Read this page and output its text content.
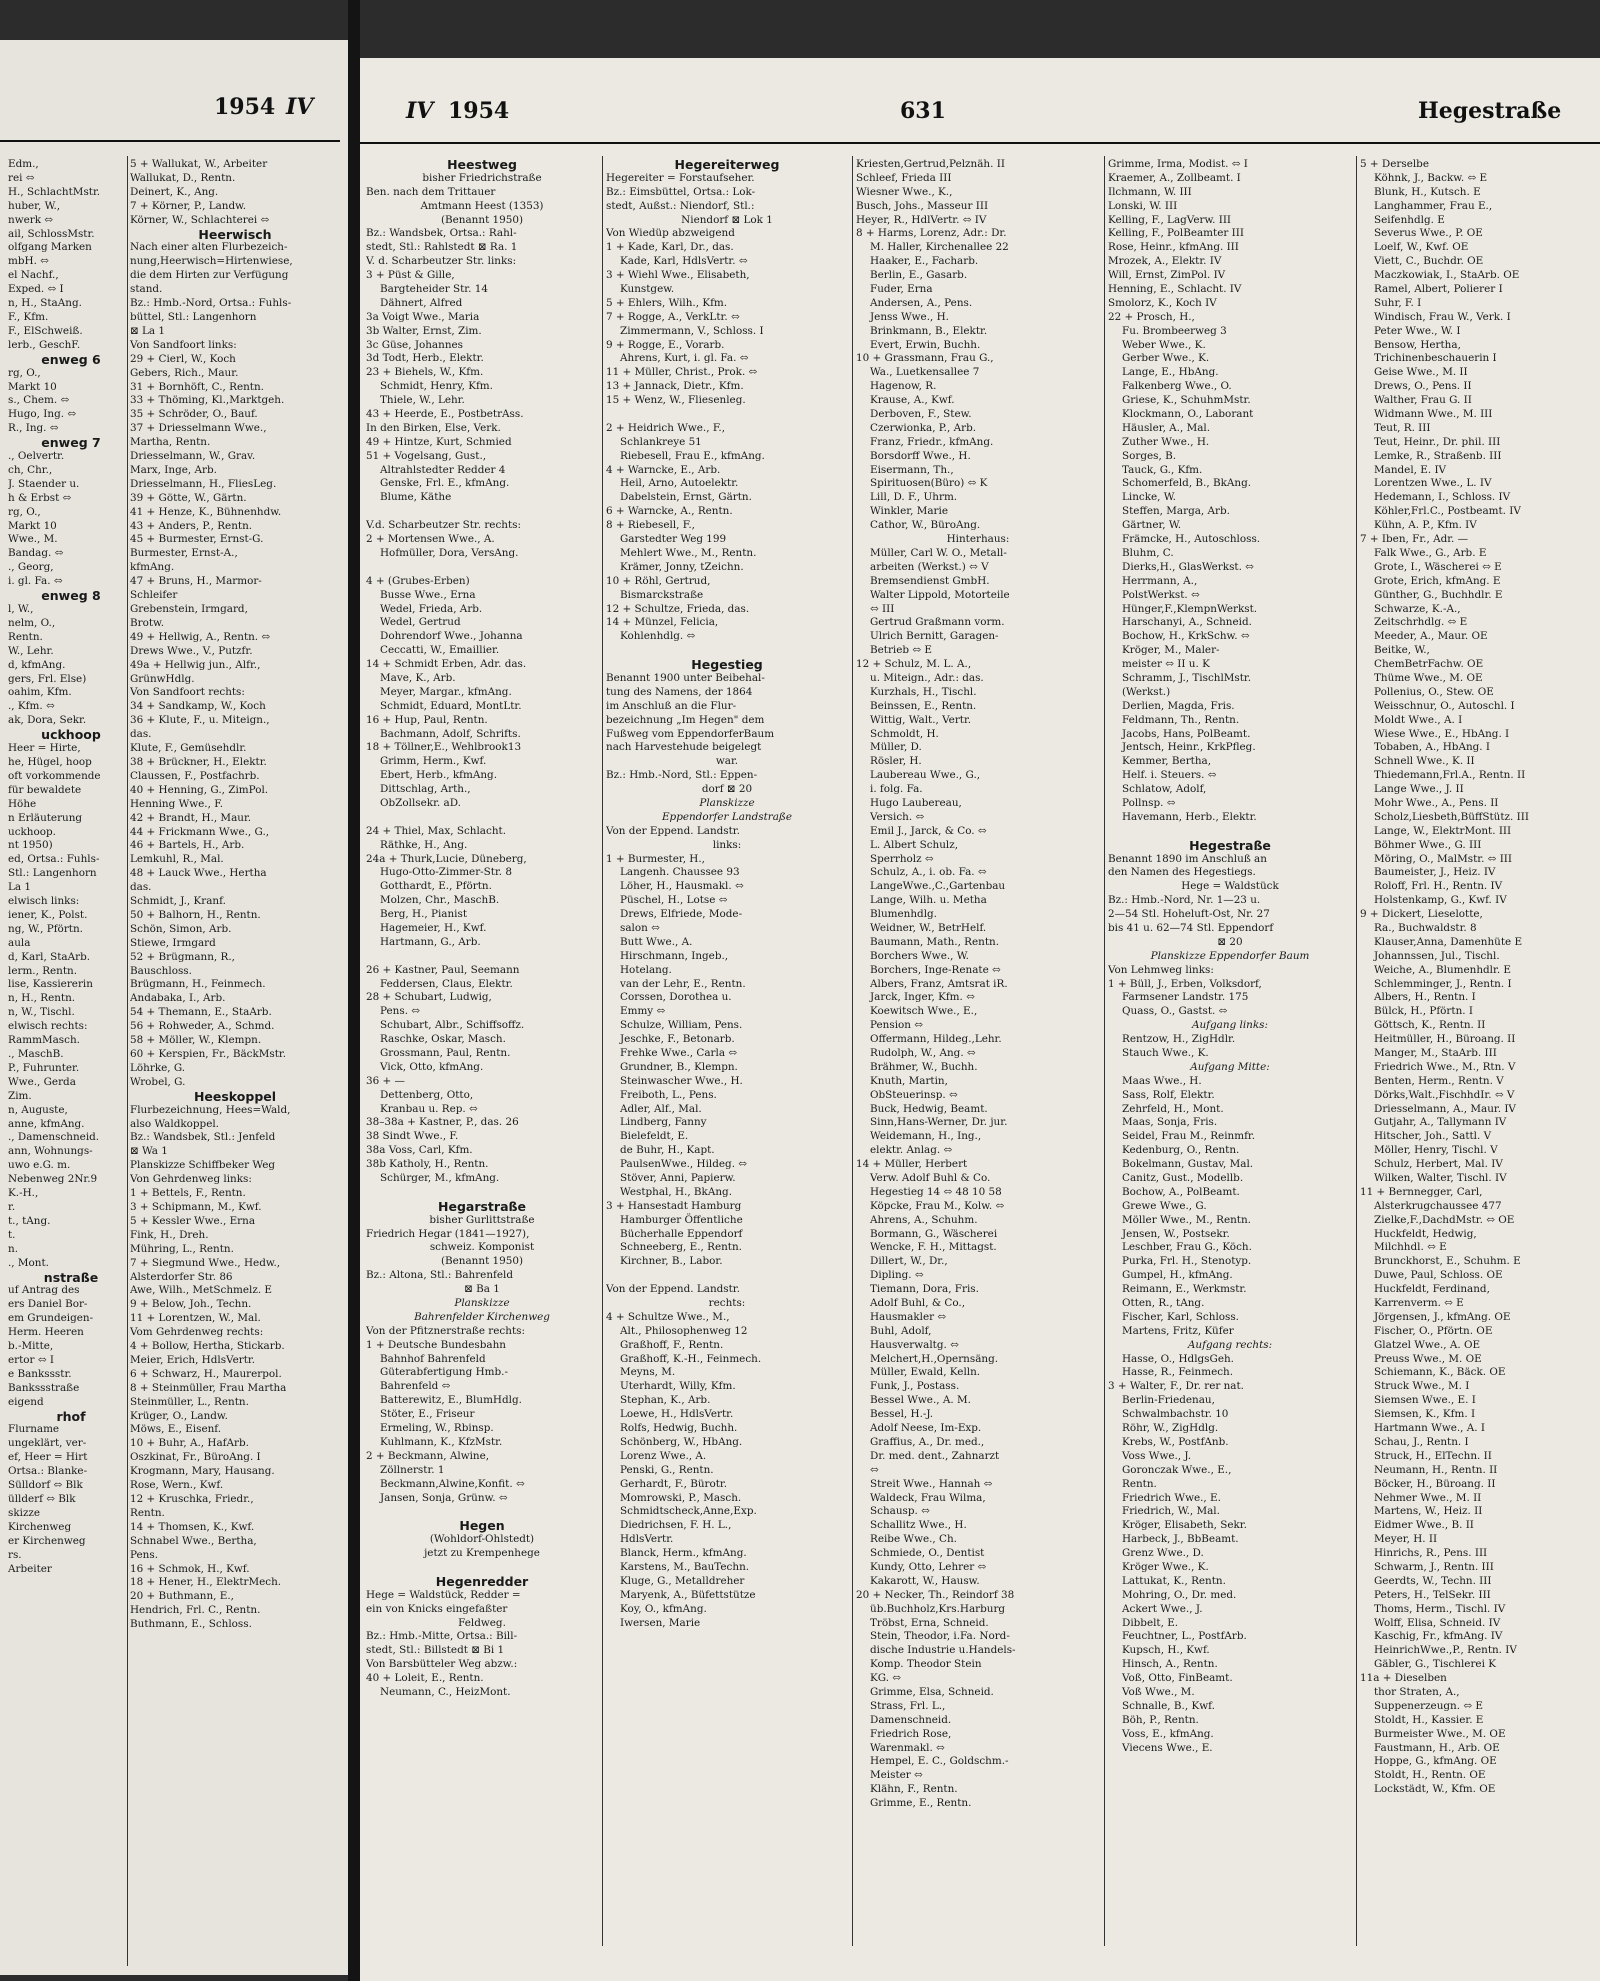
1954 IV
Edm.,
rei ⬄
H., SchlachtMstr.
huber, W.,
nwerk ⬄
ail, SchlossMstr.
olfgang Marken
mbH. ⬄
el Nachf.,
Exped. ⬄ I
n, H., StaAng.
F., Kfm.
F., ElSchweiß.
lerb., GeschF.
enweg 6
rg, O.,
Markt 10
s., Chem. ⬄
Hugo, Ing. ⬄
R., Ing. ⬄
enweg 7
., Oelvertr.
ch, Chr.,
J. Staender u.
h & Erbst ⬄
rg, O.,
Markt 10
Wwe., M.
Bandag. ⬄
., Georg,
i. gl. Fa. ⬄
enweg 8
l, W.,
nelm, O.,
Rentn.
W., Lehr.
d, kfmAng.
gers, Frl. Else)
oahim, Kfm.
., Kfm. ⬄
ak, Dora, Sekr.
uckhoop
Heer = Hirte,
he, Hügel, hoop
oft vorkommende
für bewaldete
Höhe
n Erläuterung
uckhoop.
nt 1950)
ed, Ortsa.: Fuhls-
Stl.: Langenhorn
La 1
elwisch links:
iener, K., Polst.
ng, W., Pförtn.
aula
d, Karl, StaArb.
lerm., Rentn.
lise, Kassiererin
n, H., Rentn.
n, W., Tischl.
elwisch rechts:
RammMasch.
., MaschB.
P., Fuhrunter.
Wwe., Gerda
Zim.
n, Auguste,
anne, kfmAng.
., Damenschneid.
ann, Wohnungs-
uwo e.G. m.
Nebenweg 2Nr.9
K.-H.,
r.
t., tAng.
t.
n.
., Mont.
nstraße
uf Antrag des
ers Daniel Bor-
em Grundeigen-
Herm. Heeren
b.-Mitte,
ertor ⬄ I
e Bankssstr.
Bankssstraße
eigend
rhof
Flurname
ungeklärt, ver-
ef, Heer = Hirt
Ortsa.: Blanke-
Sülldorf ⬄ Blk
üllderf ⬄ Blk
skizze
Kirchenweg
er Kirchenweg
rs.
Arbeiter
5 + Wallukat, W., Arbeiter
Wallukat, D., Rentn.
Deinert, K., Ang.
7 + Körner, P., Landw.
Körner, W., Schlachterei ⬄
Heerwisch
Nach einer alten Flurbezeich-
nung,Heerwisch=Hirtenwiese,
die dem Hirten zur Verfügung
stand.
Bz.: Hmb.-Nord, Ortsa.: Fuhls-
büttel, Stl.: Langenhorn
⊠ La 1
Von Sandfoort links:
29 + Cierl, W., Koch
Gebers, Rich., Maur.
31 + Bornhöft, C., Rentn.
33 + Thöming, Kl.,Marktgeh.
35 + Schröder, O., Bauf.
37 + Driesselmann Wwe.,
Martha, Rentn.
Driesselmann, W., Grav.
Marx, Inge, Arb.
Driesselmann, H., FliesLeg.
39 + Götte, W., Gärtn.
41 + Henze, K., Bühnenhdw.
43 + Anders, P., Rentn.
45 + Burmester, Ernst-G.
Burmester, Ernst-A.,
kfmAng.
47 + Bruns, H., Marmor-
Schleifer
Grebenstein, Irmgard,
Brotw.
49 + Hellwig, A., Rentn. ⬄
Drews Wwe., V., Putzfr.
49a + Hellwig jun., Alfr.,
GrünwHdlg.
Von Sandfoort rechts:
34 + Sandkamp, W., Koch
36 + Klute, F., u. Miteign.,
das.
Klute, F., Gemüsehdlr.
38 + Brückner, H., Elektr.
Claussen, F., Postfachrb.
40 + Henning, G., ZimPol.
Henning Wwe., F.
42 + Brandt, H., Maur.
44 + Frickmann Wwe., G.,
46 + Bartels, H., Arb.
Lemkuhl, R., Mal.
48 + Lauck Wwe., Hertha
das.
Schmidt, J., Kranf.
50 + Balhorn, H., Rentn.
Schön, Simon, Arb.
Stiewe, Irmgard
52 + Brügmann, R.,
Bauschloss.
Brügmann, H., Feinmech.
Andabaka, I., Arb.
54 + Themann, E., StaArb.
56 + Rohweder, A., Schmd.
58 + Möller, W., Klempn.
60 + Kerspien, Fr., BäckMstr.
Löhrke, G.
Wrobel, G.
Heeskoppel
Flurbezeichnung, Hees=Wald,
also Waldkoppel.
Bz.: Wandsbek, Stl.: Jenfeld
⊠ Wa 1
Planskizze Schiffbeker Weg
Von Gehrdenweg links:
1 + Bettels, F., Rentn.
3 + Schipmann, M., Kwf.
5 + Kessler Wwe., Erna
Fink, H., Dreh.
Mühring, L., Rentn.
7 + Siegmund Wwe., Hedw.,
Alsterdorfer Str. 86
Awe, Wilh., MetSchmelz. E
9 + Below, Joh., Techn.
11 + Lorentzen, W., Mal.
Vom Gehrdenweg rechts:
4 + Bollow, Hertha, Stickarb.
Meier, Erich, HdlsVertr.
6 + Schwarz, H., Maurerpol.
8 + Steinmüller, Frau Martha
Steinmüller, L., Rentn.
Krüger, O., Landw.
Möws, E., Eisenf.
10 + Buhr, A., HafArb.
Oszkinat, Fr., BüroAng. I
Krogmann, Mary, Hausang.
Rose, Wern., Kwf.
12 + Kruschka, Friedr.,
Rentn.
14 + Thomsen, K., Kwf.
Schnabel Wwe., Bertha,
Pens.
16 + Schmok, H., Kwf.
18 + Hener, H., ElektrMech.
20 + Buthmann, E.,
Hendrich, Frl. C., Rentn.
Buthmann, E., Schloss.
IV 1954	631	Hegestraße
Heestweg
bisher Friedrichstraße
Ben. nach dem Trittauer
Amtmann Heest (1353)
(Benannt 1950)
Bz.: Wandsbek, Ortsa.: Rahl-
stedt, Stl.: Rahlstedt ⊠ Ra. 1
V. d. Scharbeutzer Str. links:
3 + Püst & Gille,
Bargteheider Str. 14
Dähnert, Alfred
3a Voigt Wwe., Maria
3b Walter, Ernst, Zim.
3c Güse, Johannes
3d Todt, Herb., Elektr.
23 + Biehels, W., Kfm.
Schmidt, Henry, Kfm.
Thiele, W., Lehr.
43 + Heerde, E., PostbetrAss.
In den Birken, Else, Verk.
49 + Hintze, Kurt, Schmied
51 + Vogelsang, Gust.,
Altrahlstedter Redder 4
Genske, Frl. E., kfmAng.
Blume, Käthe
V.d. Scharbeutzer Str. rechts:
2 + Mortensen Wwe., A.
Hofmüller, Dora, VersAng.
4 + (Grubes-Erben)
Busse Wwe., Erna
Wedel, Frieda, Arb.
Wedel, Gertrud
Dohrendorf Wwe., Johanna
Ceccatti, W., Emaillier.
14 + Schmidt Erben, Adr. das.
Mave, K., Arb.
Meyer, Margar., kfmAng.
Schmidt, Eduard, MontLtr.
16 + Hup, Paul, Rentn.
Bachmann, Adolf, Schrifts.
18 + Töllner,E., Wehlbrook13
Grimm, Herm., Kwf.
Ebert, Herb., kfmAng.
Dittschlag, Arth.,
ObZollsekr. aD.
24 + Thiel, Max, Schlacht.
Räthke, H., Ang.
24a + Thurk,Lucie, Düneberg,
Hugo-Otto-Zimmer-Str. 8
Gotthardt, E., Pförtn.
Molzen, Chr., MaschB.
Berg, H., Pianist
Hagemeier, H., Kwf.
Hartmann, G., Arb.
26 + Kastner, Paul, Seemann
Feddersen, Claus, Elektr.
28 + Schubart, Ludwig,
Pens. ⬄
Schubart, Albr., Schiffsoffz.
Raschke, Oskar, Masch.
Grossmann, Paul, Rentn.
Vick, Otto, kfmAng.
36 + —
Dettenberg, Otto,
Kranbau u. Rep. ⬄
38–38a + Kastner, P., das. 26
38 Sindt Wwe., F.
38a Voss, Carl, Kfm.
38b Katholy, H., Rentn.
Schürger, M., kfmAng.
Hegarstraße
bisher Gurlittstraße
Friedrich Hegar (1841—1927),
schweiz. Komponist
(Benannt 1950)
Bz.: Altona, Stl.: Bahrenfeld
⊠ Ba 1
Planskizze
Bahrenfelder Kirchenweg
Von der Pfitznerstraße rechts:
1 + Deutsche Bundesbahn
Bahnhof Bahrenfeld
Güterabfertigung Hmb.-
Bahrenfeld ⬄
Batterewitz, E., BlumHdlg.
Stöter, E., Friseur
Ermeling, W., Rbinsp.
Kuhlmann, K., KfzMstr.
2 + Beckmann, Alwine,
Zöllnerstr. 1
Beckmann,Alwine,Konfit. ⬄
Jansen, Sonja, Grünw. ⬄
Hegen
(Wohldorf-Ohlstedt)
jetzt zu Krempenhege
Hegenredder
Hege = Waldstück, Redder =
ein von Knicks eingefaßter
Feldweg.
Bz.: Hmb.-Mitte, Ortsa.: Bill-
stedt, Stl.: Billstedt ⊠ Bi 1
Von Barsbütteler Weg abzw.:
40 + Loleit, E., Rentn.
Neumann, C., HeizMont.
Hegereiterweg
Hegereiter = Forstaufseher.
Bz.: Eimsbüttel, Ortsa.: Lok-
stedt, Außst.: Niendorf, Stl.:
Niendorf ⊠ Lok 1
Von Wiedüp abzweigend
1 + Kade, Karl, Dr., das.
Kade, Karl, HdlsVertr. ⬄
3 + Wiehl Wwe., Elisabeth,
Kunstgew.
5 + Ehlers, Wilh., Kfm.
7 + Rogge, A., VerkLtr. ⬄
Zimmermann, V., Schloss. I
9 + Rogge, E., Vorarb.
Ahrens, Kurt, i. gl. Fa. ⬄
11 + Müller, Christ., Prok. ⬄
13 + Jannack, Dietr., Kfm.
15 + Wenz, W., Fliesenleg.
2 + Heidrich Wwe., F.,
Schlankreye 51
Riebesell, Frau E., kfmAng.
4 + Warncke, E., Arb.
Heil, Arno, Autoelektr.
Dabelstein, Ernst, Gärtn.
6 + Warncke, A., Rentn.
8 + Riebesell, F.,
Garstedter Weg 199
Mehlert Wwe., M., Rentn.
Krämer, Jonny, tZeichn.
10 + Röhl, Gertrud,
Bismarckstraße
12 + Schultze, Frieda, das.
14 + Münzel, Felicia,
Kohlenhdlg. ⬄
Hegestieg
Benannt 1900 unter Beibehal-
tung des Namens, der 1864
im Anschluß an die Flur-
bezeichnung „Im Hegen" dem
Fußweg vom EppendorferBaum
nach Harvestehude beigelegt
war.
Bz.: Hmb.-Nord, Stl.: Eppen-
dorf ⊠ 20
Planskizze
Eppendorfer Landstraße
Von der Eppend. Landstr.
links:
1 + Burmester, H.,
Langenh. Chaussee 93
Löher, H., Hausmakl. ⬄
Püschel, H., Lotse ⬄
Drews, Elfriede, Mode-
salon ⬄
Butt Wwe., A.
Hirschmann, Ingeb.,
Hotelang.
van der Lehr, E., Rentn.
Corssen, Dorothea u.
Emmy ⬄
Schulze, William, Pens.
Jeschke, F., Betonarb.
Frehke Wwe., Carla ⬄
Grundner, B., Klempn.
Steinwascher Wwe., H.
Freiboth, L., Pens.
Adler, Alf., Mal.
Lindberg, Fanny
Bielefeldt, E.
de Buhr, H., Kapt.
PaulsenWwe., Hildeg. ⬄
Stöver, Anni, Papierw.
Westphal, H., BkAng.
3 + Hansestadt Hamburg
Hamburger Öffentliche
Bücherhalle Eppendorf
Schneeberg, E., Rentn.
Kirchner, B., Labor.
Von der Eppend. Landstr.
rechts:
4 + Schultze Wwe., M.,
Alt., Philosophenweg 12
Graßhoff, F., Rentn.
Graßhoff, K.-H., Feinmech.
Meyns, M.
Uterhardt, Willy, Kfm.
Stephan, K., Arb.
Loewe, H., HdlsVertr.
Rolfs, Hedwig, Buchh.
Schönberg, W., HbAng.
Lorenz Wwe., A.
Penski, G., Rentn.
Gerhardt, F., Bürotr.
Momrowski, P., Masch.
Schmidtscheck,Anne,Exp.
Diedrichsen, F. H. L.,
HdlsVertr.
Blanck, Herm., kfmAng.
Karstens, M., BauTechn.
Kluge, G., Metalldreher
Maryenk, A., Büfettstütze
Koy, O., kfmAng.
Iwersen, Marie
Kriesten,Gertrud,Pelznäh. II
Schleef, Frieda III
Wiesner Wwe., K.,
Busch, Johs., Masseur III
Heyer, R., HdlVertr. ⬄ IV
8 + Harms, Lorenz, Adr.: Dr.
M. Haller, Kirchenallee 22
Haaker, E., Facharb.
Berlin, E., Gasarb.
Fuder, Erna
Andersen, A., Pens.
Jenss Wwe., H.
Brinkmann, B., Elektr.
Evert, Erwin, Buchh.
10 + Grassmann, Frau G.,
Wa., Luetkensallee 7
Hagenow, R.
Krause, A., Kwf.
Derboven, F., Stew.
Czerwionka, P., Arb.
Franz, Friedr., kfmAng.
Borsdorff Wwe., H.
Eisermann, Th.,
Spirituosen(Büro) ⬄ K
Lill, D. F., Uhrm.
Winkler, Marie
Cathor, W., BüroAng.
Hinterhaus:
Müller, Carl W. O., Metall-
arbeiten (Werkst.) ⬄ V
Bremsendienst GmbH.
Walter Lippold, Motorteile
⬄ III
Gertrud Graßmann vorm.
Ulrich Bernitt, Garagen-
Betrieb ⬄ E
12 + Schulz, M. L. A.,
u. Miteign., Adr.: das.
Kurzhals, H., Tischl.
Beinssen, E., Rentn.
Wittig, Walt., Vertr.
Schmoldt, H.
Müller, D.
Rösler, H.
Laubereau Wwe., G.,
i. folg. Fa.
Hugo Laubereau,
Versich. ⬄
Emil J., Jarck, & Co. ⬄
L. Albert Schulz,
Sperrholz ⬄
Schulz, A., i. ob. Fa. ⬄
LangeWwe.,C.,Gartenbau
Lange, Wilh. u. Metha
Blumenhdlg.
Weidner, W., BetrHelf.
Baumann, Math., Rentn.
Borchers Wwe., W.
Borchers, Inge-Renate ⬄
Albers, Franz, Amtsrat iR.
Jarck, Inger, Kfm. ⬄
Koewitsch Wwe., E.,
Pension ⬄
Offermann, Hildeg.,Lehr.
Rudolph, W., Ang. ⬄
Brähmer, W., Buchh.
Knuth, Martin,
ObSteuerinsp. ⬄
Buck, Hedwig, Beamt.
Sinn,Hans-Werner, Dr. jur.
Weidemann, H., Ing.,
elektr. Anlag. ⬄
14 + Müller, Herbert
Verw. Adolf Buhl & Co.
Hegestieg 14 ⬄ 48 10 58
Köpcke, Frau M., Kolw. ⬄
Ahrens, A., Schuhm.
Bormann, G., Wäscherei
Wencke, F. H., Mittagst.
Dillert, W., Dr.,
Dipling. ⬄
Tiemann, Dora, Fris.
Adolf Buhl, & Co.,
Hausmakler ⬄
Buhl, Adolf,
Hausverwaltg. ⬄
Melchert,H.,Opernsäng.
Müller, Ewald, Kelln.
Funk, J., Postass.
Bessel Wwe., A. M.
Bessel, H.-J.
Adolf Neese, Im-Exp.
Graffius, A., Dr. med.,
Dr. med. dent., Zahnarzt
⬄
Streit Wwe., Hannah ⬄
Waldeck, Frau Wilma,
Schausp. ⬄
Schallitz Wwe., H.
Reibe Wwe., Ch.
Schmiede, O., Dentist
Kundy, Otto, Lehrer ⬄
Kakarott, W., Hausw.
20 + Necker, Th., Reindorf 38
üb.Buchholz,Krs.Harburg
Tröbst, Erna, Schneid.
Stein, Theodor, i.Fa. Nord-
dische Industrie u.Handels-
Komp. Theodor Stein
KG. ⬄
Grimme, Elsa, Schneid.
Strass, Frl. L.,
Damenschneid.
Friedrich Rose,
Warenmakl. ⬄
Hempel, E. C., Goldschm.-
Meister ⬄
Klähn, F., Rentn.
Grimme, E., Rentn.
Grimme, Irma, Modist. ⬄ I
Kraemer, A., Zollbeamt. I
Ilchmann, W. III
Lonski, W. III
Kelling, F., LagVerw. III
Kelling, F., PolBeamter III
Rose, Heinr., kfmAng. III
Mrozek, A., Elektr. IV
Will, Ernst, ZimPol. IV
Henning, E., Schlacht. IV
Smolorz, K., Koch IV
22 + Prosch, H.,
Fu. Brombeerweg 3
Weber Wwe., K.
Gerber Wwe., K.
Lange, E., HbAng.
Falkenberg Wwe., O.
Griese, K., SchuhmMstr.
Klockmann, O., Laborant
Häusler, A., Mal.
Zuther Wwe., H.
Sorges, B.
Tauck, G., Kfm.
Schomerfeld, B., BkAng.
Lincke, W.
Steffen, Marga, Arb.
Gärtner, W.
Främcke, H., Autoschloss.
Bluhm, C.
Dierks,H., GlasWerkst. ⬄
Herrmann, A.,
PolstWerkst. ⬄
Hünger,F.,KlempnWerkst.
Harschanyi, A., Schneid.
Bochow, H., KrkSchw. ⬄
Kröger, M., Maler-
meister ⬄ II u. K
Schramm, J., TischlMstr.
(Werkst.)
Derlien, Magda, Fris.
Feldmann, Th., Rentn.
Jacobs, Hans, PolBeamt.
Jentsch, Heinr., KrkPfleg.
Kemmer, Bertha,
Helf. i. Steuers. ⬄
Schlatow, Adolf,
Pollnsp. ⬄
Havemann, Herb., Elektr.
Hegestraße
Benannt 1890 im Anschluß an
den Namen des Hegestiegs.
Hege = Waldstück
Bz.: Hmb.-Nord, Nr. 1—23 u.
2—54 Stl. Hoheluft-Ost, Nr. 27
bis 41 u. 62—74 Stl. Eppendorf
⊠ 20
Planskizze Eppendorfer Baum
Von Lehmweg links:
1 + Büll, J., Erben, Volksdorf,
Farmsener Landstr. 175
Quass, O., Gastst. ⬄
Aufgang links:
Rentzow, H., ZigHdlr.
Stauch Wwe., K.
Aufgang Mitte:
Maas Wwe., H.
Sass, Rolf, Elektr.
Zehrfeld, H., Mont.
Maas, Sonja, Fris.
Seidel, Frau M., Reinmfr.
Kedenburg, O., Rentn.
Bokelmann, Gustav, Mal.
Canitz, Gust., Modellb.
Bochow, A., PolBeamt.
Grewe Wwe., G.
Möller Wwe., M., Rentn.
Jensen, W., Postsekr.
Leschber, Frau G., Köch.
Purka, Frl. H., Stenotyp.
Gumpel, H., kfmAng.
Reimann, E., Werkmstr.
Otten, R., tAng.
Fischer, Karl, Schloss.
Martens, Fritz, Küfer
Aufgang rechts:
Hasse, O., HdlgsGeh.
Hasse, R., Feinmech.
3 + Walter, F., Dr. rer nat.
Berlin-Friedenau,
Schwalmbachstr. 10
Röhr, W., ZigHdlg.
Krebs, W., PostfAnb.
Voss Wwe., J.
Goronczak Wwe., E.,
Rentn.
Friedrich Wwe., E.
Friedrich, W., Mal.
Kröger, Elisabeth, Sekr.
Harbeck, J., BbBeamt.
Grenz Wwe., D.
Kröger Wwe., K.
Lattukat, K., Rentn.
Mohring, O., Dr. med.
Ackert Wwe., J.
Dibbelt, E.
Feuchtner, L., PostfArb.
Kupsch, H., Kwf.
Hinsch, A., Rentn.
Voß, Otto, FinBeamt.
Voß Wwe., M.
Schnalle, B., Kwf.
Böh, P., Rentn.
Voss, E., kfmAng.
Viecens Wwe., E.
5 + Derselbe
Köhnk, J., Backw. ⬄ E
Blunk, H., Kutsch. E
Langhammer, Frau E.,
Seifenhdlg. E
Severus Wwe., P. OE
Loelf, W., Kwf. OE
Viett, C., Buchdr. OE
Maczkowiak, I., StaArb. OE
Ramel, Albert, Polierer I
Suhr, F. I
Windisch, Frau W., Verk. I
Peter Wwe., W. I
Bensow, Hertha,
Trichinenbeschauerin I
Geise Wwe., M. II
Drews, O., Pens. II
Walther, Frau G. II
Widmann Wwe., M. III
Teut, R. III
Teut, Heinr., Dr. phil. III
Lemke, R., Straßenb. III
Mandel, E. IV
Lorentzen Wwe., L. IV
Hedemann, I., Schloss. IV
Köhler,Frl.C., Postbeamt. IV
Kühn, A. P., Kfm. IV
7 + Iben, Fr., Adr. —
Falk Wwe., G., Arb. E
Grote, I., Wäscherei ⬄ E
Grote, Erich, kfmAng. E
Günther, G., Buchhdlr. E
Schwarze, K.-A.,
Zeitschrhdlg. ⬄ E
Meeder, A., Maur. OE
Beitke, W.,
ChemBetrFachw. OE
Thüme Wwe., M. OE
Pollenius, O., Stew. OE
Weisschnur, O., Autoschl. I
Moldt Wwe., A. I
Wiese Wwe., E., HbAng. I
Tobaben, A., HbAng. I
Schnell Wwe., K. II
Thiedemann,Frl.A., Rentn. II
Lange Wwe., J. II
Mohr Wwe., A., Pens. II
Scholz,Liesbeth,BüffStütz. III
Lange, W., ElektrMont. III
Böhmer Wwe., G. III
Möring, O., MalMstr. ⬄ III
Baumeister, J., Heiz. IV
Roloff, Frl. H., Rentn. IV
Holstenkamp, G., Kwf. IV
9 + Dickert, Lieselotte,
Ra., Buchwaldstr. 8
Klauser,Anna, Damenhüte E
Johannssen, Jul., Tischl.
Weiche, A., Blumenhdlr. E
Schlemminger, J., Rentn. I
Albers, H., Rentn. I
Bülck, H., Pförtn. I
Göttsch, K., Rentn. II
Heitmüller, H., Büroang. II
Manger, M., StaArb. III
Friedrich Wwe., M., Rtn. V
Benten, Herm., Rentn. V
Dörks,Walt.,FischhdIr. ⬄ V
Driesselmann, A., Maur. IV
Gutjahr, A., Tallymann IV
Hitscher, Joh., Sattl. V
Möller, Henry, Tischl. V
Schulz, Herbert, Mal. IV
Wilken, Walter, Tischl. IV
11 + Bernnegger, Carl,
Alsterkrugchaussee 477
Zielke,F.,DachdMstr. ⬄ OE
Huckfeldt, Hedwig,
Milchhdl. ⬄ E
Brunckhorst, E., Schuhm. E
Duwe, Paul, Schloss. OE
Huckfeldt, Ferdinand,
Karrenverm. ⬄ E
Jörgensen, J., kfmAng. OE
Fischer, O., Pförtn. OE
Glatzel Wwe., A. OE
Preuss Wwe., M. OE
Schiemann, K., Bäck. OE
Struck Wwe., M. I
Siemsen Wwe., E. I
Siemsen, K., Kfm. I
Hartmann Wwe., A. I
Schau, J., Rentn. I
Struck, H., ElTechn. II
Neumann, H., Rentn. II
Böcker, H., Büroang. II
Nehmer Wwe., M. II
Martens, W., Heiz. II
Eidmer Wwe., B. II
Meyer, H. II
Hinrichs, R., Pens. III
Schwarm, J., Rentn. III
Geerdts, W., Techn. III
Peters, H., TelSekr. III
Thoms, Herm., Tischl. IV
Wolff, Elisa, Schneid. IV
Kaschig, Fr., kfmAng. IV
HeinrichWwe.,P., Rentn. IV
Gäbler, G., Tischlerei K
11a + Dieselben
thor Straten, A.,
Suppenerzeugn. ⬄ E
Stoldt, H., Kassier. E
Burmeister Wwe., M. OE
Faustmann, H., Arb. OE
Hoppe, G., kfmAng. OE
Stoldt, H., Rentn. OE
Lockstädt, W., Kfm. OE
